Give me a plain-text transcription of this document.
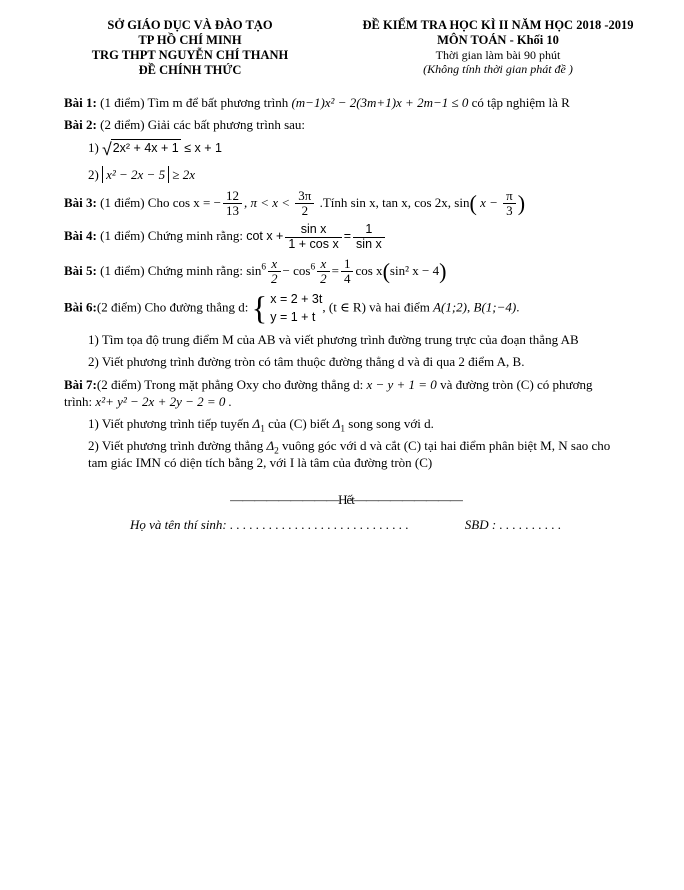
SỞ GIÁO DỤC VÀ ĐÀO TẠO
TP HỒ CHÍ MINH
TRG THPT NGUYỄN CHÍ THANH
ĐỀ CHÍNH THỨC
ĐỀ KIỂM TRA HỌC KÌ II NĂM HỌC 2018 -2019
MÔN TOÁN - Khối 10
Thời gian làm bài 90 phút
(Không tính thời gian phát đề )

Bài 1: (1 điểm) Tìm m để bất phương trình (m−1)x² − 2(3m+1)x + 2m−1 ≤ 0 có tập nghiệm là R

Bài 2: (2 điểm) Giải các bất phương trình sau:

1) √2x² + 4x + 1 ≤ x + 1
2) x² − 2x − 5 ≥ 2x

Bài 3: (1 điểm) Cho cos x = − $\frac{12}{13}$ , $\pi < x < \frac{3\pi}{2}$ .Tính sin x, tan x, cos 2x, sin( $x - \frac{\pi}{3}$ )

Bài 4: (1 điểm) Chứng minh rằng: $\cot x + \frac{\text{sin x}}{\text{1 + cos x}} = \frac{1}{\text{sin x}}$

Bài 5: (1 điểm) Chứng minh rằng: $\sin^6 \frac{x}{2} - \cos^6 \frac{x}{2} = \frac{1}{4}$ cos x(sin² x − 4)

Bài 6:(2 điểm) Cho đường thẳng d: { x = 2 + 3t
y = 1 + t
, (t ∈ R) và hai điểm A(1;2), B(1;−4).

1) Tìm tọa độ trung điểm M của AB và viết phương trình đường trung trực của đoạn thẳng AB
2) Viết phương trình đường tròn có tâm thuộc đường thẳng d và đi qua 2 điểm A, B.

Bài 7:(2 điểm) Trong mặt phẳng Oxy cho đường thẳng d: x − y + 1 = 0 và đường tròn (C) có phương
trình: x²+ y² − 2x + 2y − 2 = 0 .

1) Viết phương trình tiếp tuyến $\Delta_1$ của (C) biết $\Delta_1$ song song với d.
2) Viết phương trình đường thẳng $\Delta_2$ vuông góc với d và cắt (C) tại hai điểm phân biệt M, N sao cho
tam giác IMN có diện tích bằng 2, với I là tâm của đường tròn (C)
—————————Hết—————————
Họ và tên thí sinh: . . . . . . . . . . . . . . . . . . . . . . . . . . . .	SBD : . . . . . . . . . .
